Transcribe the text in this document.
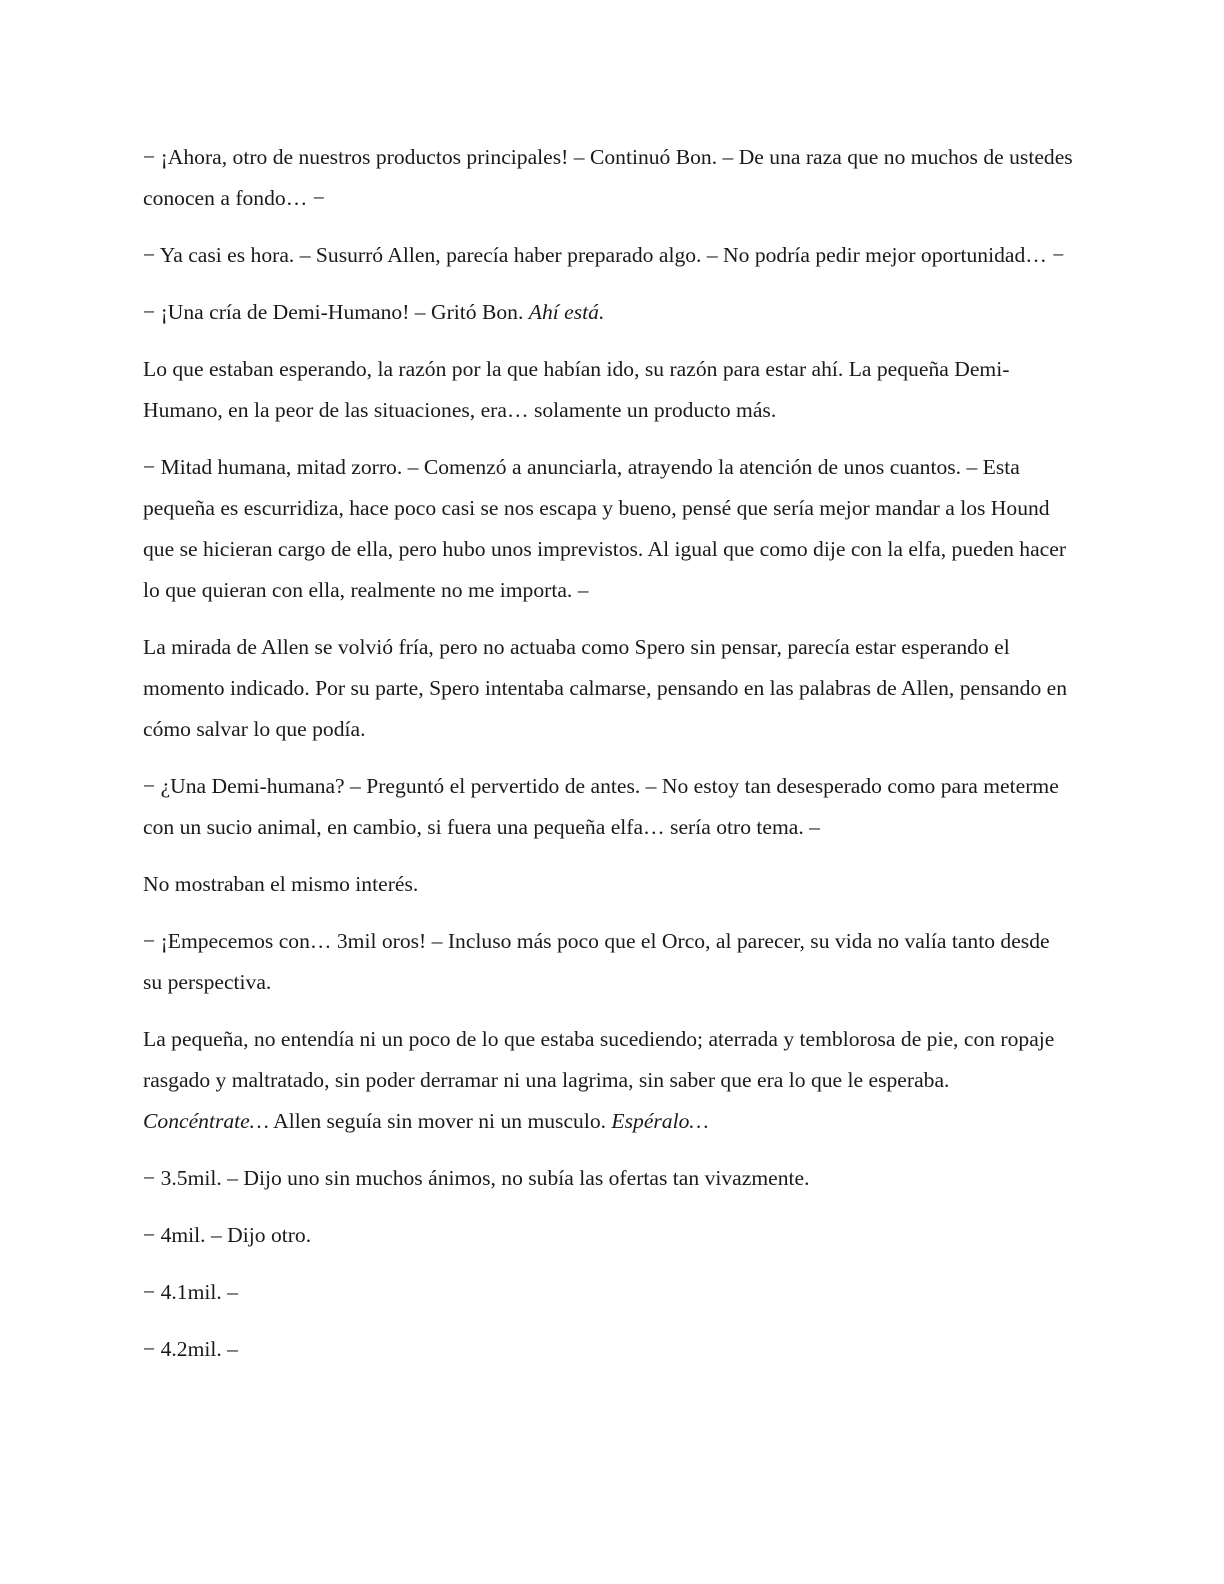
− ¡Ahora, otro de nuestros productos principales! – Continuó Bon. – De una raza que no muchos de ustedes conocen a fondo… −

− Ya casi es hora. – Susurró Allen, parecía haber preparado algo. – No podría pedir mejor oportunidad… −

− ¡Una cría de Demi-Humano! – Gritó Bon. Ahí está.

Lo que estaban esperando, la razón por la que habían ido, su razón para estar ahí. La pequeña Demi-Humano, en la peor de las situaciones, era… solamente un producto más.

− Mitad humana, mitad zorro. – Comenzó a anunciarla, atrayendo la atención de unos cuantos. – Esta pequeña es escurridiza, hace poco casi se nos escapa y bueno, pensé que sería mejor mandar a los Hound que se hicieran cargo de ella, pero hubo unos imprevistos. Al igual que como dije con la elfa, pueden hacer lo que quieran con ella, realmente no me importa. –

La mirada de Allen se volvió fría, pero no actuaba como Spero sin pensar, parecía estar esperando el momento indicado. Por su parte, Spero intentaba calmarse, pensando en las palabras de Allen, pensando en cómo salvar lo que podía.

− ¿Una Demi-humana? – Preguntó el pervertido de antes. – No estoy tan desesperado como para meterme con un sucio animal, en cambio, si fuera una pequeña elfa… sería otro tema. –

No mostraban el mismo interés.

− ¡Empecemos con… 3mil oros! – Incluso más poco que el Orco, al parecer, su vida no valía tanto desde su perspectiva.

La pequeña, no entendía ni un poco de lo que estaba sucediendo; aterrada y temblorosa de pie, con ropaje rasgado y maltratado, sin poder derramar ni una lagrima, sin saber que era lo que le esperaba. Concéntrate… Allen seguía sin mover ni un musculo. Espéralo…

− 3.5mil. – Dijo uno sin muchos ánimos, no subía las ofertas tan vivazmente.

− 4mil. – Dijo otro.

− 4.1mil. –

− 4.2mil. –
